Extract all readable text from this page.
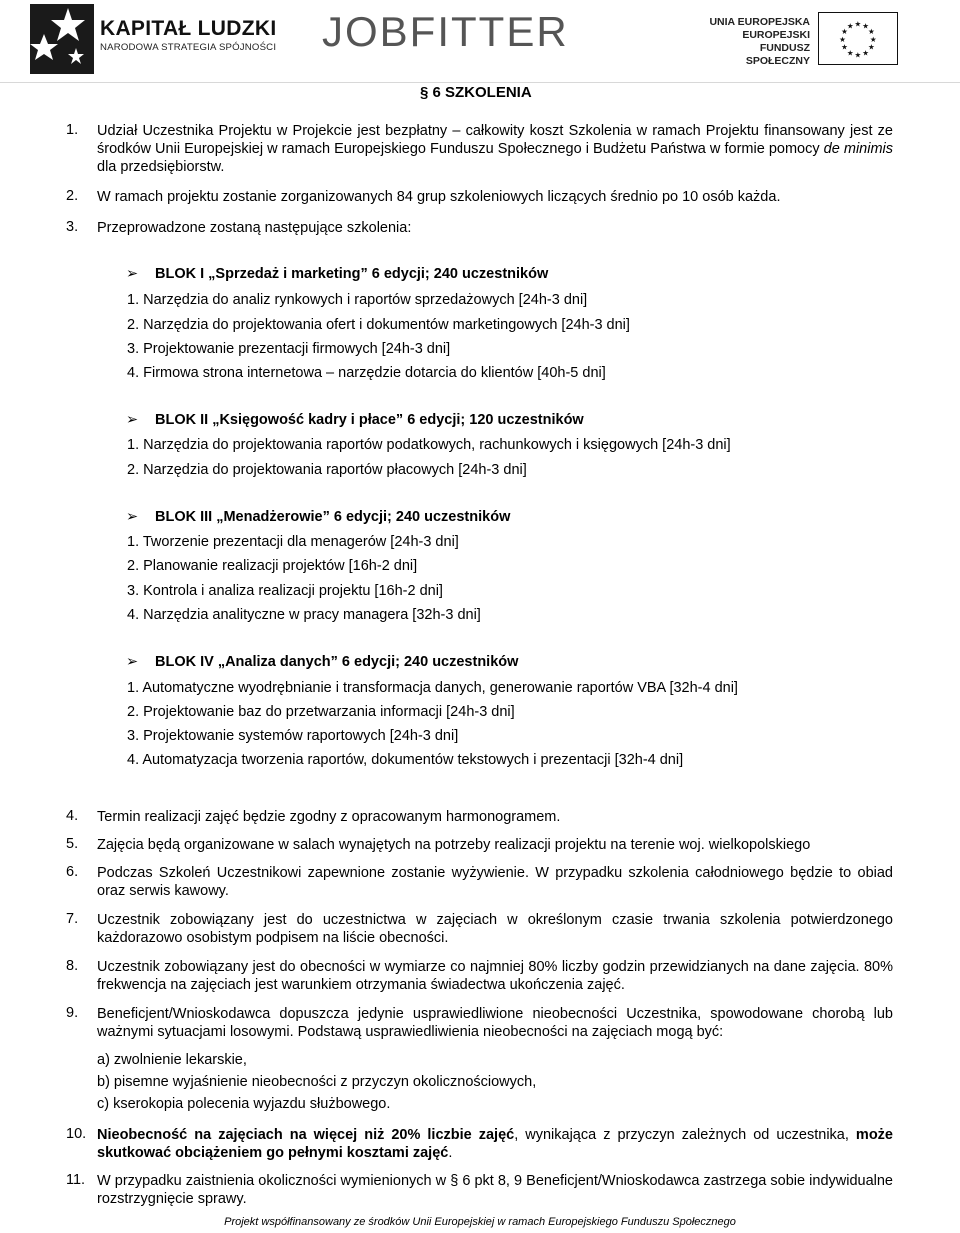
KAPITAŁ LUDZKI
NARODOWA STRATEGIA SPÓJNOŚCI JOBFITTER	UNIA EUROPEJSKA
EUROPEJSKI
FUNDUSZ SPOŁECZNY
★ ★
★
★
★
★
★
★
★
★
★
★
§ 6 SZKOLENIA
1. Udział Uczestnika Projektu w Projekcie jest bezpłatny – całkowity koszt Szkolenia w ramach Projektu finansowany jest ze środków Unii Europejskiej w ramach Europejskiego Funduszu Społecznego i Budżetu Państwa w formie pomocy de minimis dla przedsiębiorstw.
2. W ramach projektu zostanie zorganizowanych 84 grup szkoleniowych liczących średnio po 10 osób każda.
3. Przeprowadzone zostaną następujące szkolenia:
➢ BLOK I „Sprzedaż i marketing” 6 edycji; 240 uczestników
1. Narzędzia do analiz rynkowych i raportów sprzedażowych [24h-3 dni]
2. Narzędzia do projektowania ofert i dokumentów marketingowych [24h-3 dni]
3. Projektowanie prezentacji firmowych [24h-3 dni]
4. Firmowa strona internetowa – narzędzie dotarcia do klientów [40h-5 dni]
➢ BLOK II „Księgowość kadry i płace” 6 edycji; 120 uczestników
1. Narzędzia do projektowania raportów podatkowych, rachunkowych i księgowych [24h-3 dni]
2. Narzędzia do projektowania raportów płacowych [24h-3 dni]
➢ BLOK III „Menadżerowie” 6 edycji; 240 uczestników
1. Tworzenie prezentacji dla menagerów [24h-3 dni]
2. Planowanie realizacji projektów [16h-2 dni]
3. Kontrola i analiza realizacji projektu [16h-2 dni]
4. Narzędzia analityczne w pracy managera [32h-3 dni]
➢ BLOK IV „Analiza danych” 6 edycji; 240 uczestników
1. Automatyczne wyodrębnianie i transformacja danych, generowanie raportów VBA [32h-4 dni]
2. Projektowanie baz do przetwarzania informacji [24h-3 dni]
3. Projektowanie systemów raportowych [24h-3 dni]
4. Automatyzacja tworzenia raportów, dokumentów tekstowych i prezentacji [32h-4 dni]
4. Termin realizacji zajęć będzie zgodny z opracowanym harmonogramem.
5. Zajęcia będą organizowane w salach wynajętych na potrzeby realizacji projektu na terenie woj. wielkopolskiego
6. Podczas Szkoleń Uczestnikowi zapewnione zostanie wyżywienie. W przypadku szkolenia całodniowego będzie to obiad oraz serwis kawowy.
7. Uczestnik zobowiązany jest do uczestnictwa w zajęciach w określonym czasie trwania szkolenia potwierdzonego każdorazowo osobistym podpisem na liście obecności.
8. Uczestnik zobowiązany jest do obecności w wymiarze co najmniej 80% liczby godzin przewidzianych na dane zajęcia. 80% frekwencja na zajęciach jest warunkiem otrzymania świadectwa ukończenia zajęć.
9. Beneficjent/Wnioskodawca dopuszcza jedynie usprawiedliwione nieobecności Uczestnika, spowodowane chorobą lub ważnymi sytuacjami losowymi. Podstawą usprawiedliwienia nieobecności na zajęciach mogą być:
a) zwolnienie lekarskie,
b) pisemne wyjaśnienie nieobecności z przyczyn okolicznościowych,
c) kserokopia polecenia wyjazdu służbowego.
10. Nieobecność na zajęciach na więcej niż 20% liczbie zajęć, wynikająca z przyczyn zależnych od uczestnika, może skutkować obciążeniem go pełnymi kosztami zajęć.
11. W przypadku zaistnienia okoliczności wymienionych w § 6 pkt 8, 9 Beneficjent/Wnioskodawca zastrzega sobie indywidualne rozstrzygnięcie sprawy.
Projekt współfinansowany ze środków Unii Europejskiej w ramach Europejskiego Funduszu Społecznego
